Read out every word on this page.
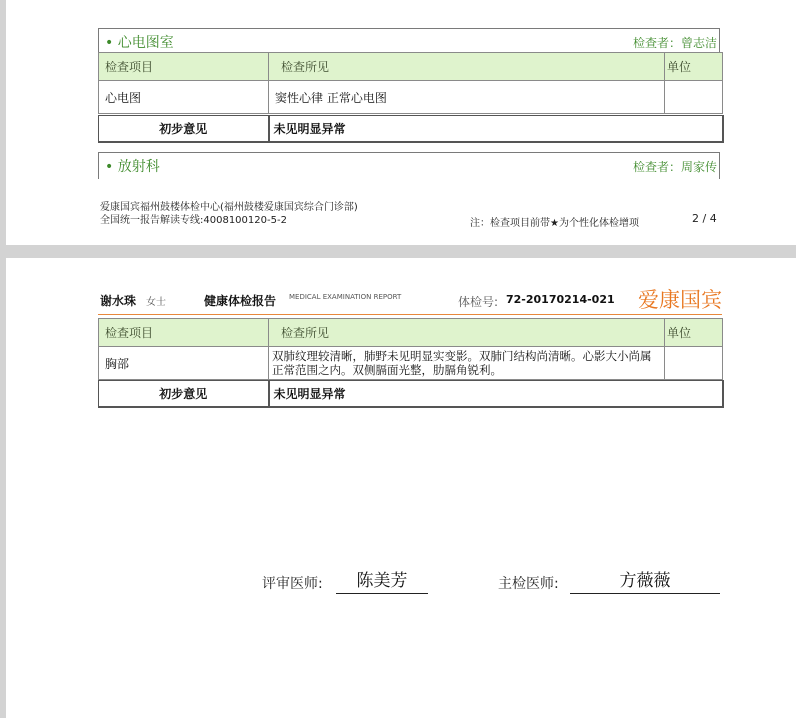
• 心电图室	检查者：曾志洁
检查项目	检查所见	单位
心电图	窦性心律 正常心电图	
初步意见	未见明显异常
• 放射科	检查者：周家传
爱康国宾福州鼓楼体检中心(福州鼓楼爱康国宾综合门诊部)
全国统一报告解读专线:4008100120-5-2	注：检查项目前带★为个性化体检增项	2 / 4
谢水珠 女士	健康体检报告 MEDICAL EXAMINATION REPORT	体检号: 72-20170214-021 爱康国宾
检查项目	检查所见	单位
胸部	双肺纹理较清晰，肺野未见明显实变影。双肺门结构尚清晰。心影大小尚属正常范围之内。双侧膈面光整，肋膈角锐利。	
初步意见	未见明显异常
评审医师:	陈美芳	主检医师:	方薇薇
